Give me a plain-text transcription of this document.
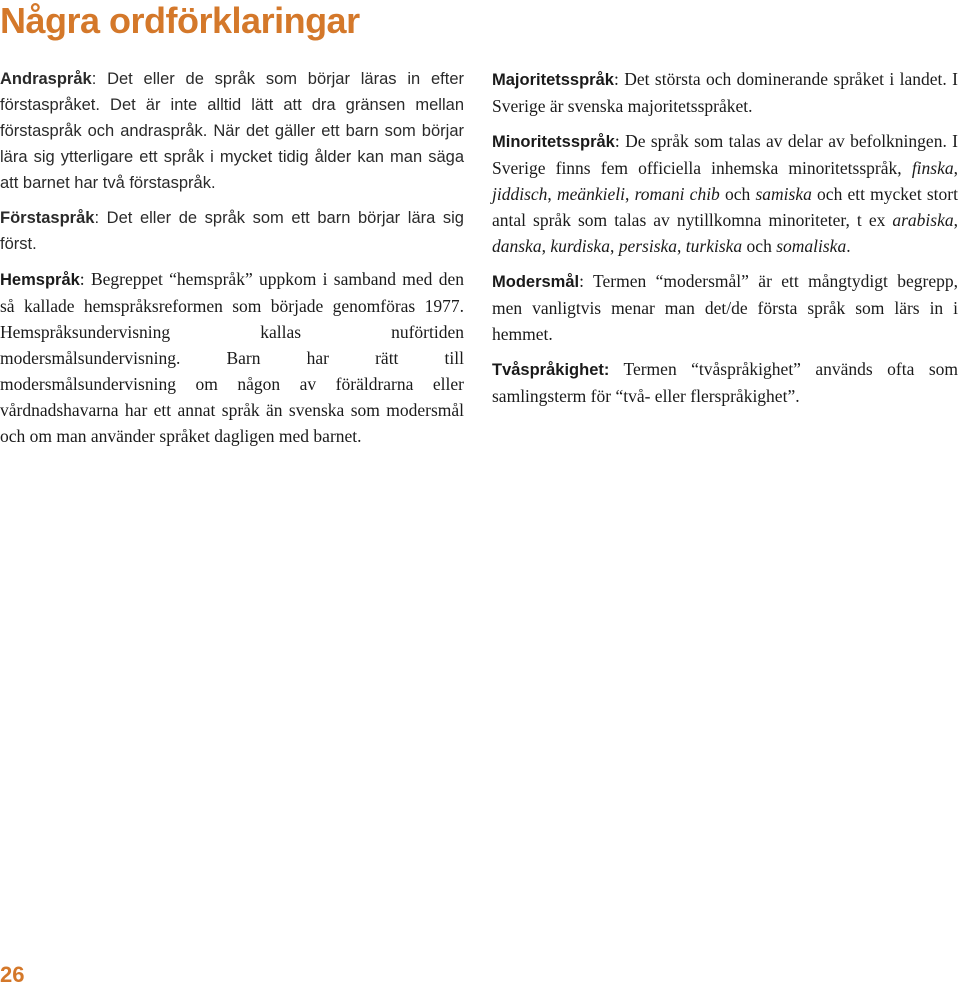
Några ordförklaringar

Andraspråk: Det eller de språk som börjar läras in efter förstaspråket. Det är inte alltid lätt att dra gränsen mellan förstaspråk och andraspråk. När det gäller ett barn som börjar lära sig ytterligare ett språk i mycket tidig ålder kan man säga att barnet har två förstaspråk.

Förstaspråk: Det eller de språk som ett barn börjar lära sig först.

Hemspråk: Begreppet “hemspråk” uppkom i samband med den så kallade hemspråksreformen som började genomföras 1977. Hemspråksundervisning kallas nuförtiden modersmålsundervisning. Barn har rätt till modersmålsundervisning om någon av föräldrarna eller vårdnadshavarna har ett annat språk än svenska som modersmål och om man använder språket dagligen med barnet.

Majoritetsspråk: Det största och dominerande språket i landet. I Sverige är svenska majoritetsspråket.

Minoritetsspråk: De språk som talas av delar av befolkningen. I Sverige finns fem officiella inhemska minoritetsspråk, finska, jiddisch, meänkieli, romani chib och samiska och ett mycket stort antal språk som talas av nytillkomna minoriteter, t ex arabiska, danska, kurdiska, persiska, turkiska och somaliska.

Modersmål: Termen “modersmål” är ett mångtydigt begrepp, men vanligtvis menar man det/de första språk som lärs in i hemmet.

Tvåspråkighet: Termen “tvåspråkighet” används ofta som samlingsterm för “två- eller flerspråkighet”.

26
